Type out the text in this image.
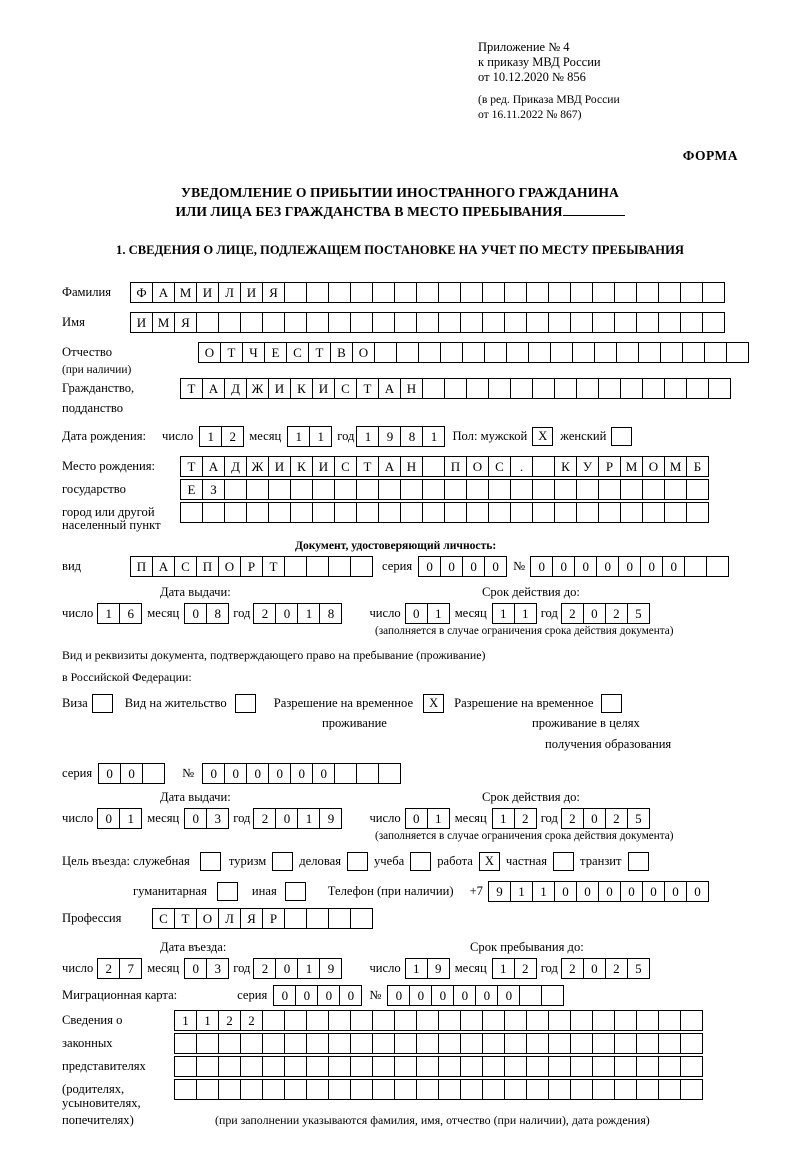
Приложение № 4
к приказу МВД России
от 10.12.2020 № 856
(в ред. Приказа МВД России
от 16.11.2022 № 867)
ФОРМА
УВЕДОМЛЕНИЕ О ПРИБЫТИИ ИНОСТРАННОГО ГРАЖДАНИНА
ИЛИ ЛИЦА БЕЗ ГРАЖДАНСТВА В МЕСТО ПРЕБЫВАНИЯ
1. СВЕДЕНИЯ О ЛИЦЕ, ПОДЛЕЖАЩЕМ ПОСТАНОВКЕ НА УЧЕТ ПО МЕСТУ ПРЕБЫВАНИЯ
Фамилия	Ф А М И Л И Я
Имя	И М Я
Отчество	О	Т	Ч	Е	С	Т	В О
(при наличии)
Гражданство,	Т	А Д Ж И К И С	Т	А Н
подданство
Дата рождения: число	1	2	месяц	1	1	год 1	9	8	1	Пол: мужской X	женский
Место рождения:	Т	А Д Ж И К И С	Т	А Н	П О С	.	К	У	Р М О М Б
государство	Е	З
город или другой
населенный пункт
Документ, удостоверяющий личность:
вид	П А С П О	Р	Т	серия	0	0	0	0	№	0	0	0	0	0	0	0
Дата выдачи:	Срок действия до:
число 1	6	месяц	0	8 год 2	0	1	8	число 0	1	месяц	1	1 год 2	0	2	5
(заполняется в случае ограничения срока действия документа)
Вид и реквизиты документа, подтверждающего право на пребывание (проживание)
в Российской Федерации:
Виза	Вид на жительство	Разрешение на временное	X	Разрешение на временное
проживание	проживание в целях
получения образования
серия	0	0	№	0	0	0	0	0	0
Дата выдачи:	Срок действия до:
число 0	1	месяц	0	3 год 2	0	1	9	число 0	1	месяц	1	2 год 2	0	2	5
(заполняется в случае ограничения срока действия документа)
Цель въезда: служебная	туризм	деловая	учеба	работа X частная	транзит
гуманитарная	иная	Телефон (при наличии) +7	9	1	1	0	0	0	0	0	0	0
Профессия	С	Т	О Л	Я	Р
Дата въезда:	Срок пребывания до:
число 2	7	месяц	0	3 год 2	0	1	9	число 1	9	месяц	1	2 год 2	0	2	5
Миграционная карта:	серия	0	0	0	0	№	0	0	0	0	0	0
Сведения о	1	1	2	2
законных
представителях
(родителях,
усыновителях,
попечителях)	(при заполнении указываются фамилия, имя, отчество (при наличии), дата рождения)
